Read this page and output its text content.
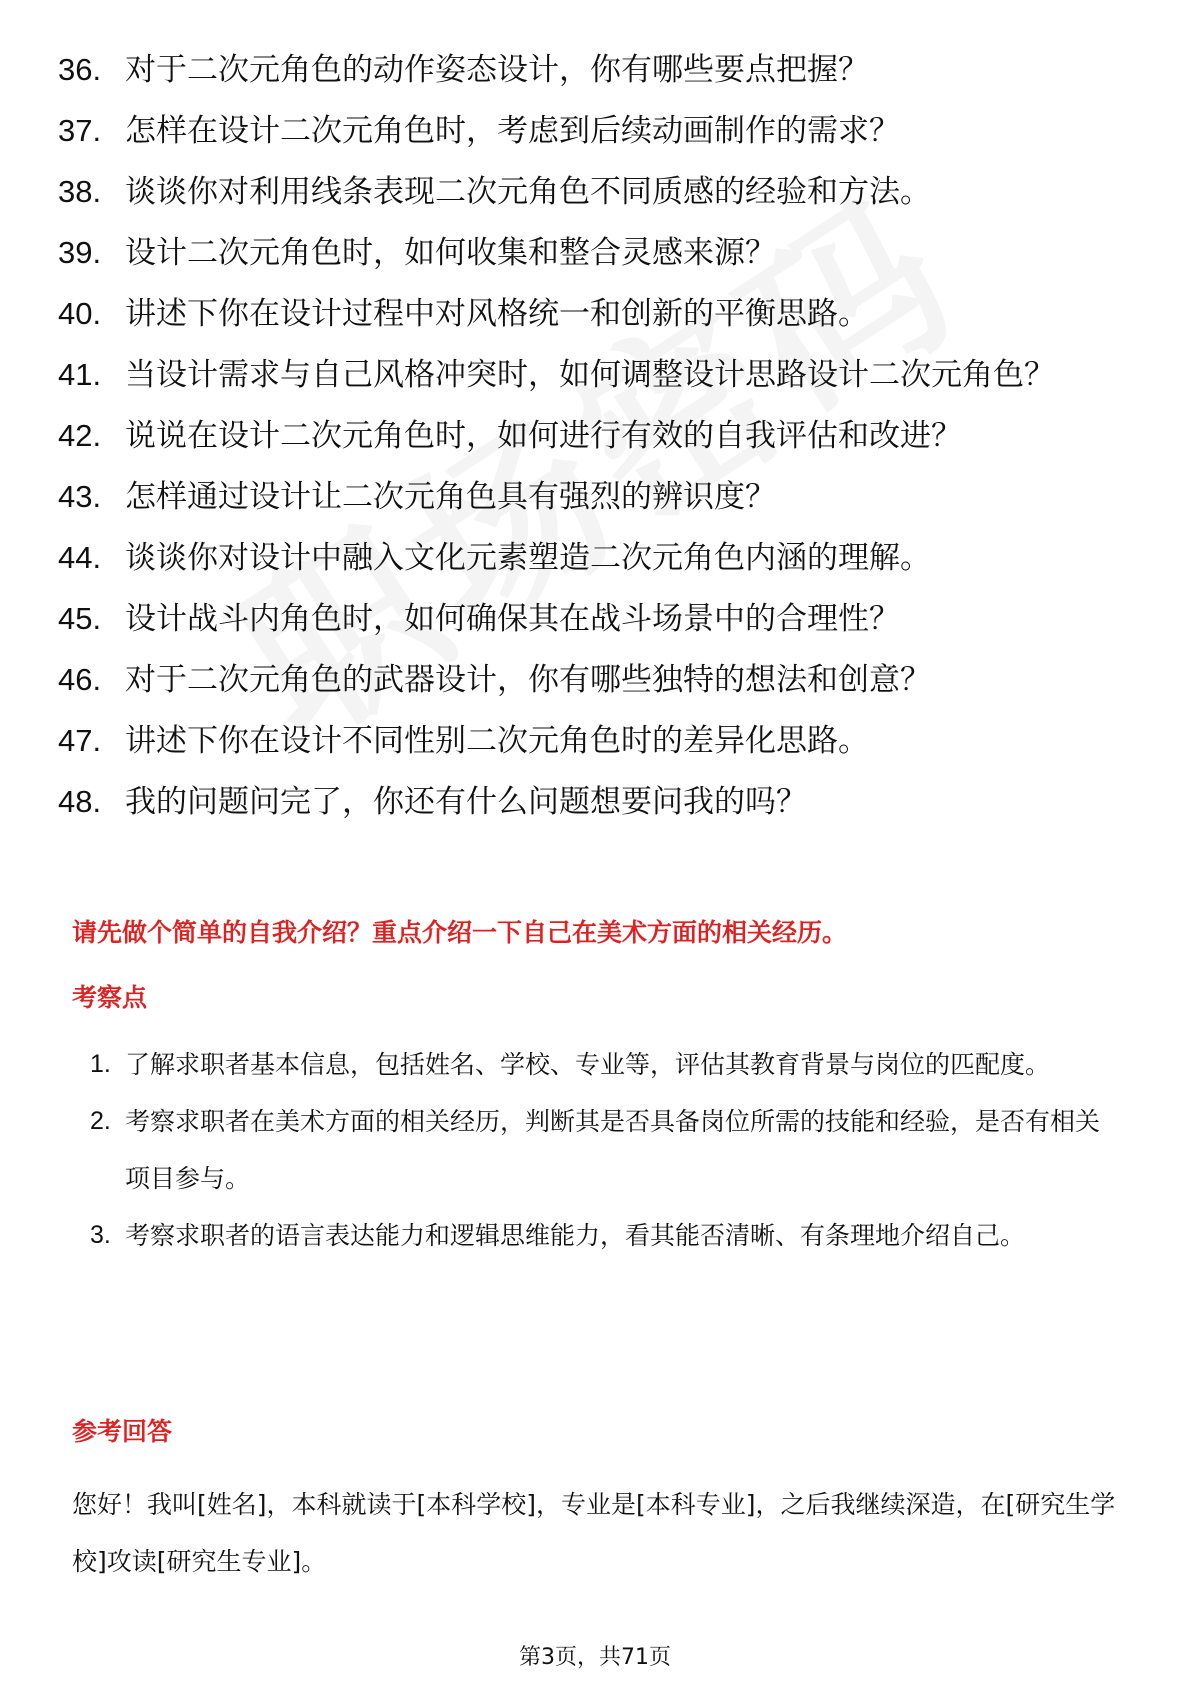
36. 对于二次元角色的动作姿态设计，你有哪些要点把握？
37. 怎样在设计二次元角色时，考虑到后续动画制作的需求？
38. 谈谈你对利用线条表现二次元角色不同质感的经验和方法。
39. 设计二次元角色时，如何收集和整合灵感来源？
40. 讲述下你在设计过程中对风格统一和创新的平衡思路。
41. 当设计需求与自己风格冲突时，如何调整设计思路设计二次元角色？
42. 说说在设计二次元角色时，如何进行有效的自我评估和改进？
43. 怎样通过设计让二次元角色具有强烈的辨识度？
44. 谈谈你对设计中融入文化元素塑造二次元角色内涵的理解。
45. 设计战斗内角色时，如何确保其在战斗场景中的合理性？
46. 对于二次元角色的武器设计，你有哪些独特的想法和创意？
47. 讲述下你在设计不同性别二次元角色时的差异化思路。
48. 我的问题问完了，你还有什么问题想要问我的吗？
请先做个简单的自我介绍？重点介绍一下自己在美术方面的相关经历。
考察点
1. 了解求职者基本信息，包括姓名、学校、专业等，评估其教育背景与岗位的匹配度。
2. 考察求职者在美术方面的相关经历，判断其是否具备岗位所需的技能和经验，是否有相关项目参与。
3. 考察求职者的语言表达能力和逻辑思维能力，看其能否清晰、有条理地介绍自己。
参考回答
您好！我叫[姓名]，本科就读于[本科学校]，专业是[本科专业]，之后我继续深造，在[研究生学校]攻读[研究生专业]。
第3页，共71页
